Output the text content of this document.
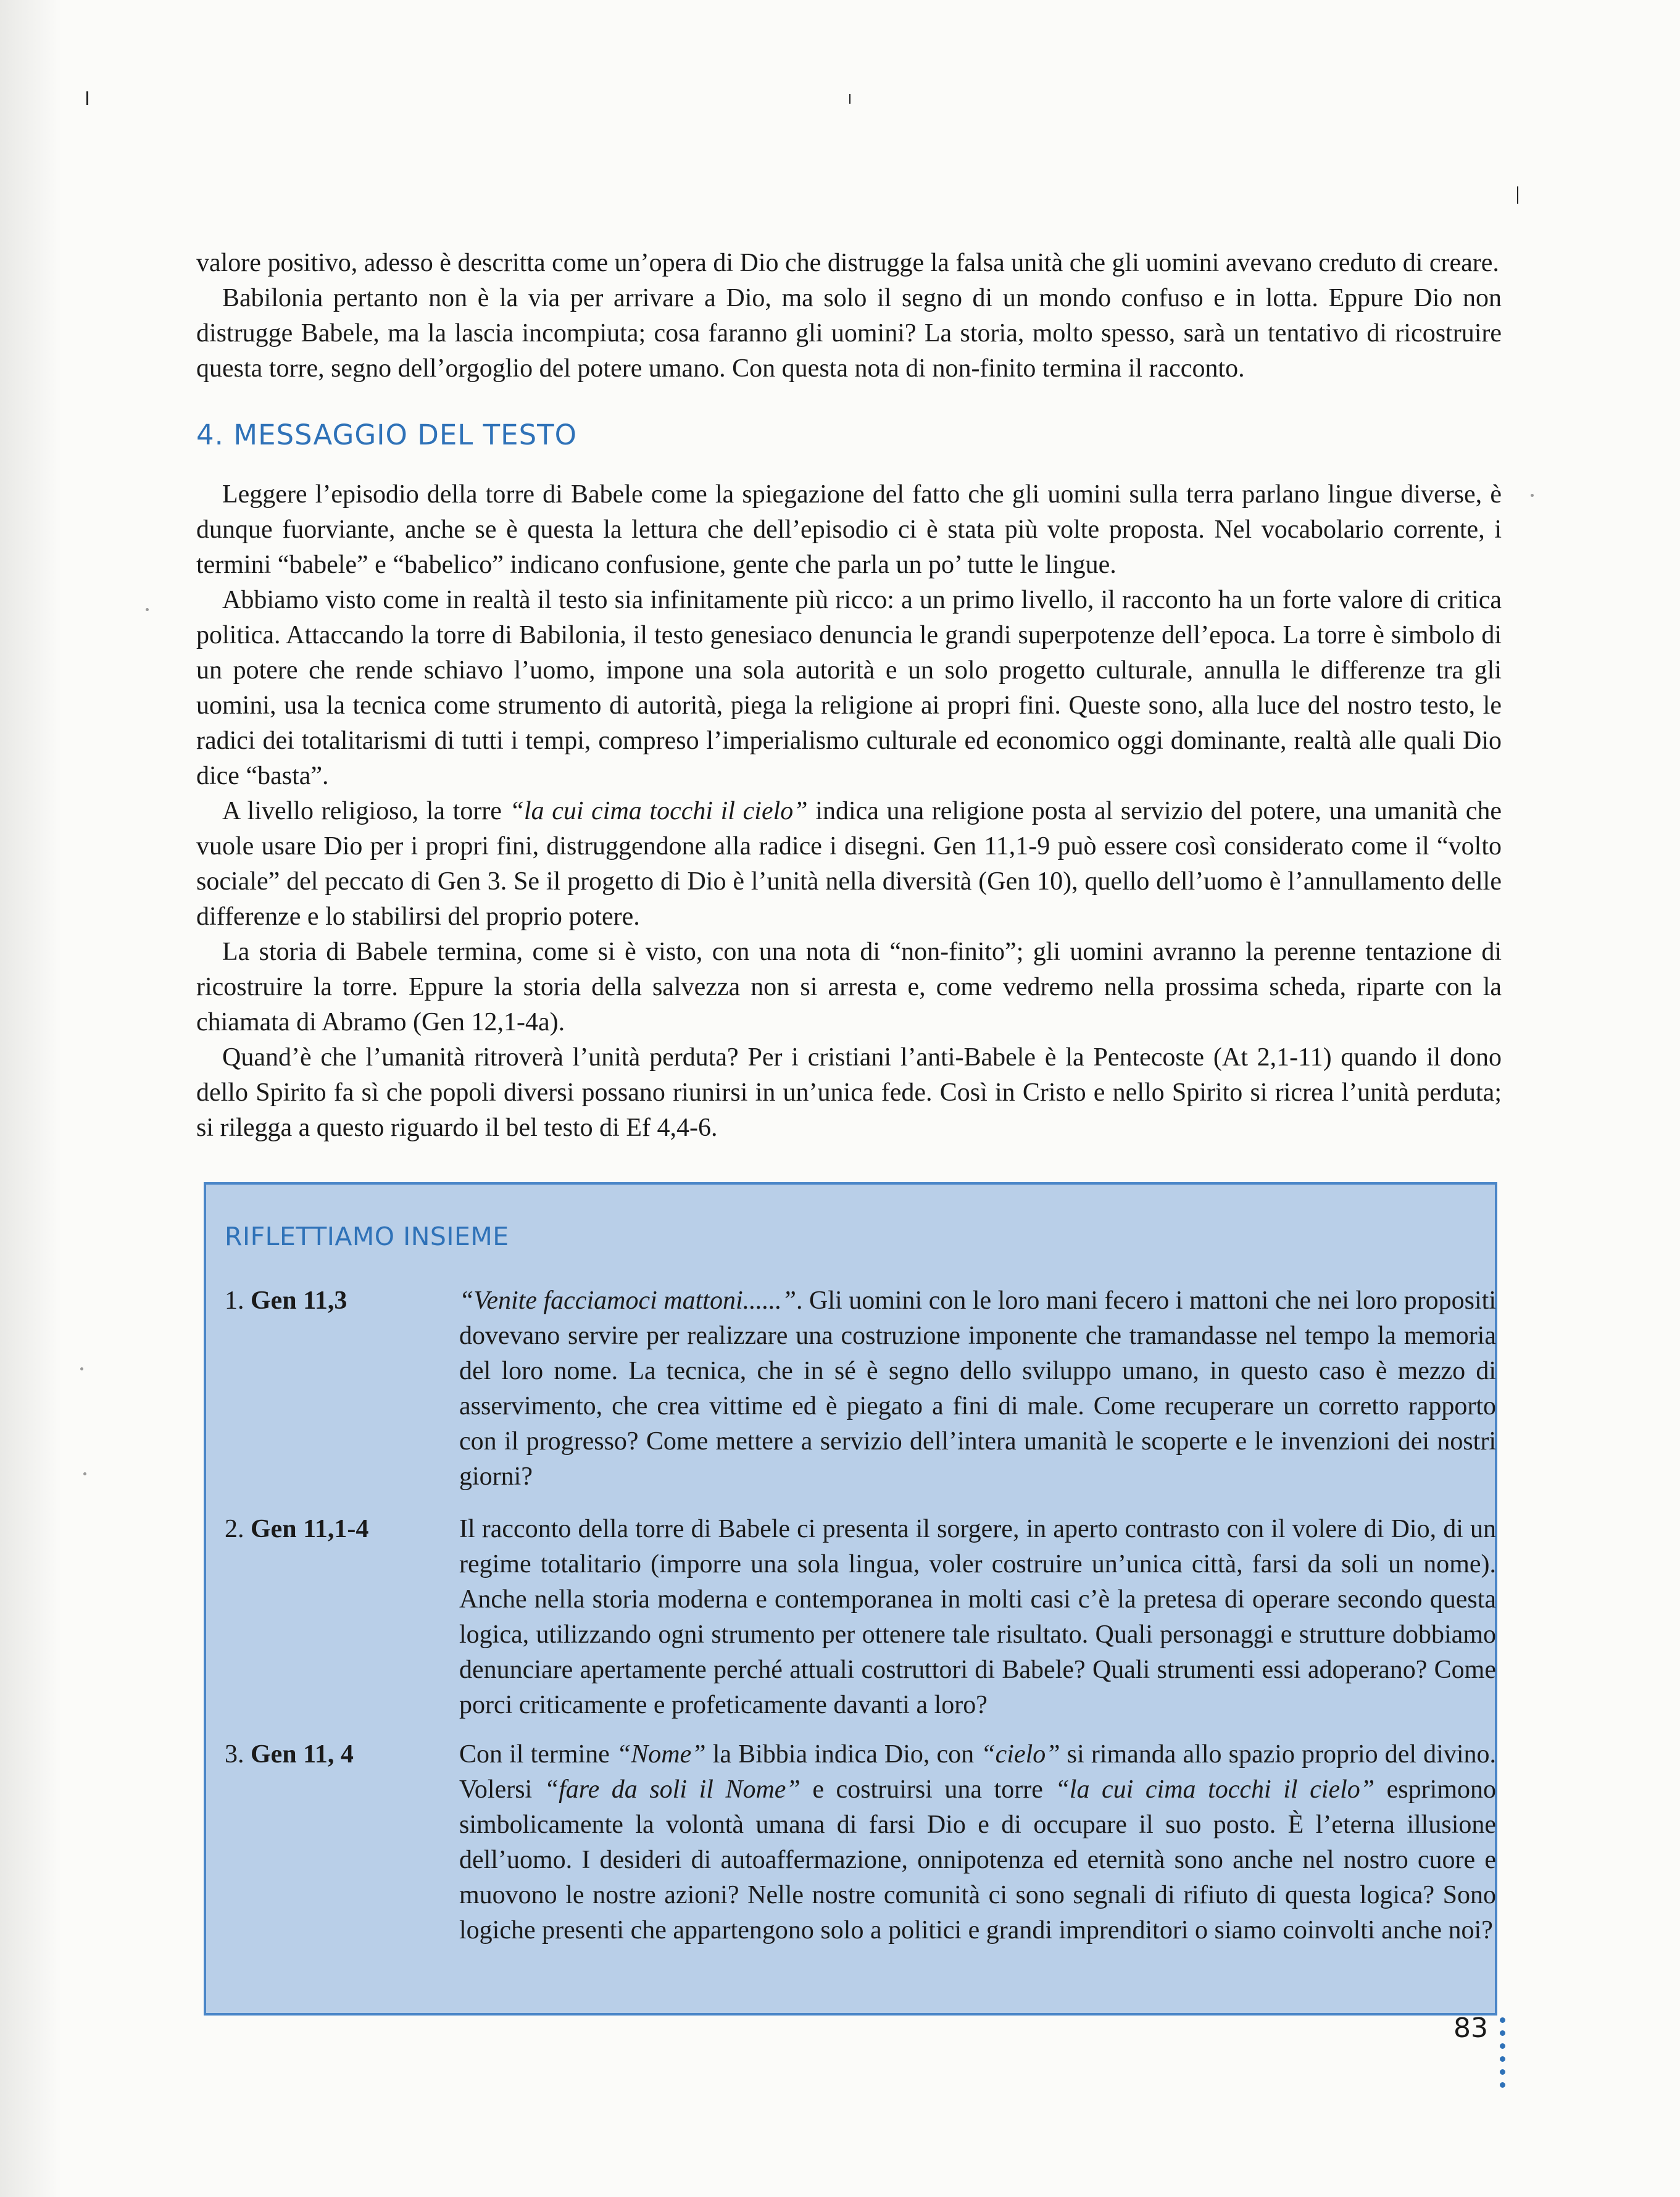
valore positivo, adesso è descritta come un’opera di Dio che distrugge la falsa unità che gli uomini avevano creduto di creare.

Babilonia pertanto non è la via per arrivare a Dio, ma solo il segno di un mondo confuso e in lotta. Eppure Dio non distrugge Babele, ma la lascia incompiuta; cosa faranno gli uomini? La storia, molto spesso, sarà un tentativo di ricostruire questa torre, segno dell’orgoglio del potere umano. Con questa nota di non-finito termina il racconto.

4. MESSAGGIO DEL TESTO

Leggere l’episodio della torre di Babele come la spiegazione del fatto che gli uomini sulla terra parlano lingue diverse, è dunque fuorviante, anche se è questa la lettura che dell’episodio ci è stata più volte proposta. Nel vocabolario corrente, i termini “babele” e “babelico” indicano confusione, gente che parla un po’ tutte le lingue.

Abbiamo visto come in realtà il testo sia infinitamente più ricco: a un primo livello, il racconto ha un forte valore di critica politica. Attaccando la torre di Babilonia, il testo genesiaco denuncia le grandi superpotenze dell’epoca. La torre è simbolo di un potere che rende schiavo l’uomo, impone una sola autorità e un solo progetto culturale, annulla le differenze tra gli uomini, usa la tecnica come strumento di autorità, piega la religione ai propri fini. Queste sono, alla luce del nostro testo, le radici dei totalitarismi di tutti i tempi, compreso l’imperialismo culturale ed economico oggi dominante, realtà alle quali Dio dice “basta”.

A livello religioso, la torre “la cui cima tocchi il cielo” indica una religione posta al servizio del potere, una umanità che vuole usare Dio per i propri fini, distruggendone alla radice i disegni. Gen 11,1-9 può essere così considerato come il “volto sociale” del peccato di Gen 3. Se il progetto di Dio è l’unità nella diversità (Gen 10), quello dell’uomo è l’annullamento delle differenze e lo stabilirsi del proprio potere.

La storia di Babele termina, come si è visto, con una nota di “non-finito”; gli uomini avranno la perenne tentazione di ricostruire la torre. Eppure la storia della salvezza non si arresta e, come vedremo nella prossima scheda, riparte con la chiamata di Abramo (Gen 12,1-4a).

Quand’è che l’umanità ritroverà l’unità perduta? Per i cristiani l’anti-Babele è la Pentecoste (At 2,1-11) quando il dono dello Spirito fa sì che popoli diversi possano riunirsi in un’unica fede. Così in Cristo e nello Spirito si ricrea l’unità perduta; si rilegga a questo riguardo il bel testo di Ef 4,4-6.

RIFLETTIAMO INSIEME
1. Gen 11,3	“Venite facciamoci mattoni......”. Gli uomini con le loro mani fecero i mattoni che nei loro propositi dovevano servire per realizzare una costruzione imponente che tramandasse nel tempo la memoria del loro nome. La tecnica, che in sé è segno dello sviluppo umano, in questo caso è mezzo di asservimento, che crea vittime ed è piegato a fini di male. Come recuperare un corretto rapporto con il progresso? Come mettere a servizio dell’intera umanità le scoperte e le invenzioni dei nostri giorni?
2. Gen 11,1-4	Il racconto della torre di Babele ci presenta il sorgere, in aperto contrasto con il volere di Dio, di un regime totalitario (imporre una sola lingua, voler costruire un’unica città, farsi da soli un nome). Anche nella storia moderna e contemporanea in molti casi c’è la pretesa di operare secondo questa logica, utilizzando ogni strumento per ottenere tale risultato. Quali personaggi e strutture dobbiamo denunciare apertamente perché attuali costruttori di Babele? Quali strumenti essi adoperano? Come porci criticamente e profeticamente davanti a loro?
3. Gen 11, 4	Con il termine “Nome” la Bibbia indica Dio, con “cielo” si rimanda allo spazio proprio del divino. Volersi “fare da soli il Nome” e costruirsi una torre “la cui cima tocchi il cielo” esprimono simbolicamente la volontà umana di farsi Dio e di occupare il suo posto. È l’eterna illusione dell’uomo. I desideri di autoaffermazione, onnipotenza ed eternità sono anche nel nostro cuore e muovono le nostre azioni? Nelle nostre comunità ci sono segnali di rifiuto di questa logica? Sono logiche presenti che appartengono solo a politici e grandi imprenditori o siamo coinvolti anche noi?
83
